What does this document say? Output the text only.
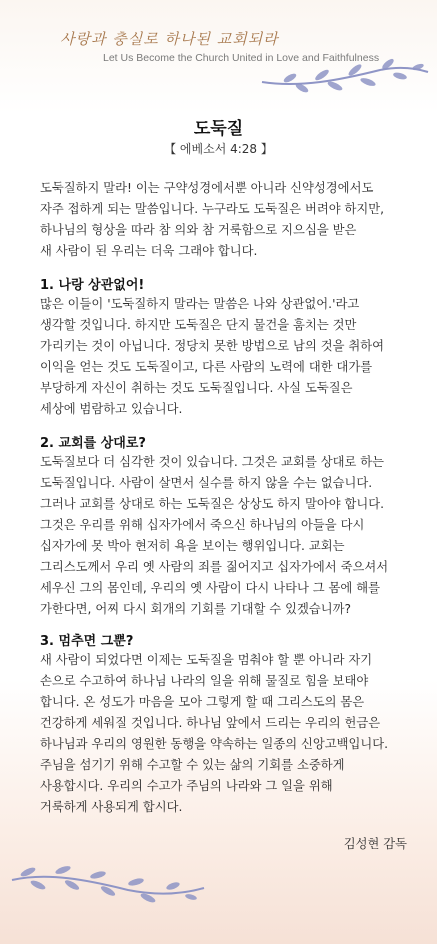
사랑과 충실로 하나된 교회되라
Let Us Become the Church United in Love and Faithfulness
도둑질
【 에베소서 4:28 】

도둑질하지 말라! 이는 구약성경에서뿐 아니라 신약성경에서도
자주 접하게 되는 말씀입니다. 누구라도 도둑질은 버려야 하지만,
하나님의 형상을 따라 참 의와 참 거룩함으로 지으심을 받은
새 사람이 된 우리는 더욱 그래야 합니다.

1. 나랑 상관없어!

많은 이들이 '도둑질하지 말라는 말씀은 나와 상관없어.'라고
생각할 것입니다. 하지만 도둑질은 단지 물건을 훔치는 것만
가리키는 것이 아닙니다. 정당치 못한 방법으로 남의 것을 취하여
이익을 얻는 것도 도둑질이고, 다른 사람의 노력에 대한 대가를
부당하게 자신이 취하는 것도 도둑질입니다. 사실 도둑질은
세상에 범람하고 있습니다.

2. 교회를 상대로?

도둑질보다 더 심각한 것이 있습니다. 그것은 교회를 상대로 하는
도둑질입니다. 사람이 살면서 실수를 하지 않을 수는 없습니다.
그러나 교회를 상대로 하는 도둑질은 상상도 하지 말아야 합니다.
그것은 우리를 위해 십자가에서 죽으신 하나님의 아들을 다시
십자가에 못 박아 현저히 욕을 보이는 행위입니다. 교회는
그리스도께서 우리 옛 사람의 죄를 짊어지고 십자가에서 죽으셔서
세우신 그의 몸인데, 우리의 옛 사람이 다시 나타나 그 몸에 해를
가한다면, 어찌 다시 회개의 기회를 기대할 수 있겠습니까?

3. 멈추면 그뿐?

새 사람이 되었다면 이제는 도둑질을 멈춰야 할 뿐 아니라 자기
손으로 수고하여 하나님 나라의 일을 위해 물질로 힘을 보태야
합니다. 온 성도가 마음을 모아 그렇게 할 때 그리스도의 몸은
건강하게 세워질 것입니다. 하나님 앞에서 드리는 우리의 헌금은
하나님과 우리의 영원한 동행을 약속하는 일종의 신앙고백입니다.
주님을 섬기기 위해 수고할 수 있는 삶의 기회를 소중하게
사용합시다. 우리의 수고가 주님의 나라와 그 일을 위해
거룩하게 사용되게 합시다.

김성현 감독
